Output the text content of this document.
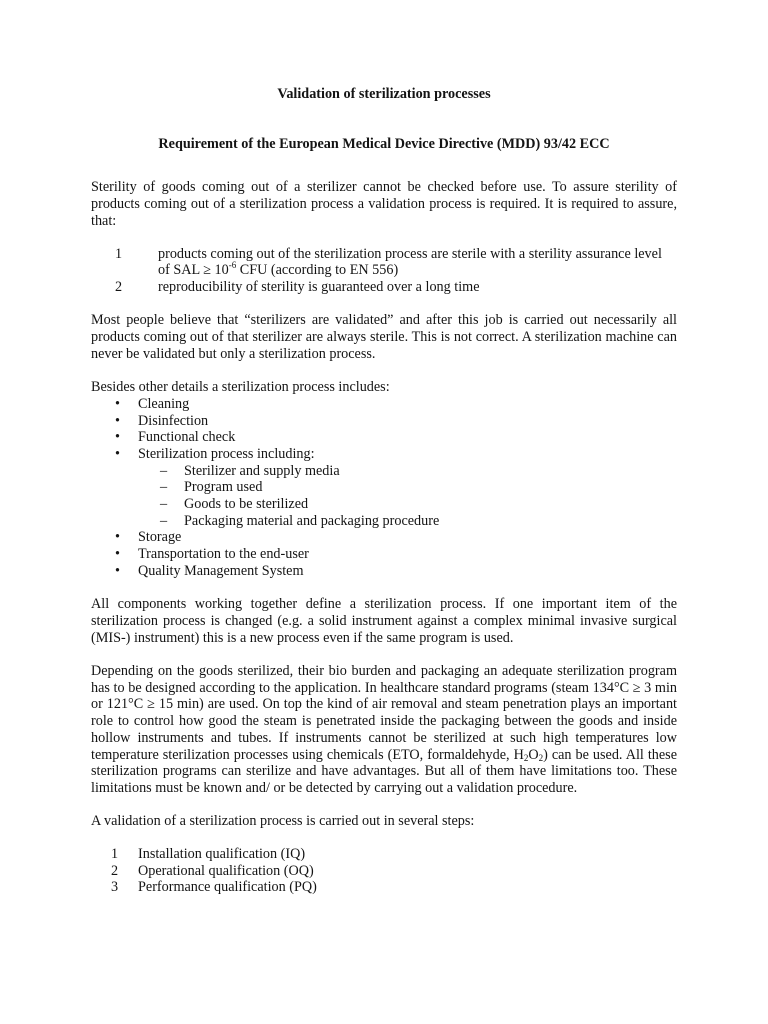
Validation of sterilization processes
Requirement of the European Medical Device Directive (MDD) 93/42 ECC

Sterility of goods coming out of a sterilizer cannot be checked before use. To assure sterility of products coming out of a sterilization process a validation process is required. It is required to assure, that:

1	products coming out of the sterilization process are sterile with a sterility assurance level of SAL ≥ $10^{-6}$ CFU (according to EN 556)
2	reproducibility of sterility is guaranteed over a long time

Most people believe that “sterilizers are validated” and after this job is carried out necessarily all products coming out of that sterilizer are always sterile. This is not correct. A sterilization machine can never be validated but only a sterilization process.

Besides other details a sterilization process includes:

• Cleaning
• Disinfection
• Functional check
• Sterilization process including:
– Sterilizer and supply media
– Program used
– Goods to be sterilized
– Packaging material and packaging procedure
• Storage
• Transportation to the end-user
• Quality Management System

All components working together define a sterilization process. If one important item of the sterilization process is changed (e.g. a solid instrument against a complex minimal invasive surgical (MIS-) instrument) this is a new process even if the same program is used.

Depending on the goods sterilized, their bio burden and packaging an adequate sterilization program has to be designed according to the application. In healthcare standard programs (steam 134°C ≥ 3 min or 121°C ≥ 15 min) are used. On top the kind of air removal and steam penetration plays an important role to control how good the steam is penetrated inside the packaging between the goods and inside hollow instruments and tubes. If instruments cannot be sterilized at such high temperatures low temperature sterilization processes using chemicals (ETO, formaldehyde, $H_2O_2$) can be used. All these sterilization programs can sterilize and have advantages. But all of them have limitations too. These limitations must be known and/ or be detected by carrying out a validation procedure.

A validation of a sterilization process is carried out in several steps:

1 Installation qualification (IQ)
2 Operational qualification (OQ)
3 Performance qualification (PQ)
